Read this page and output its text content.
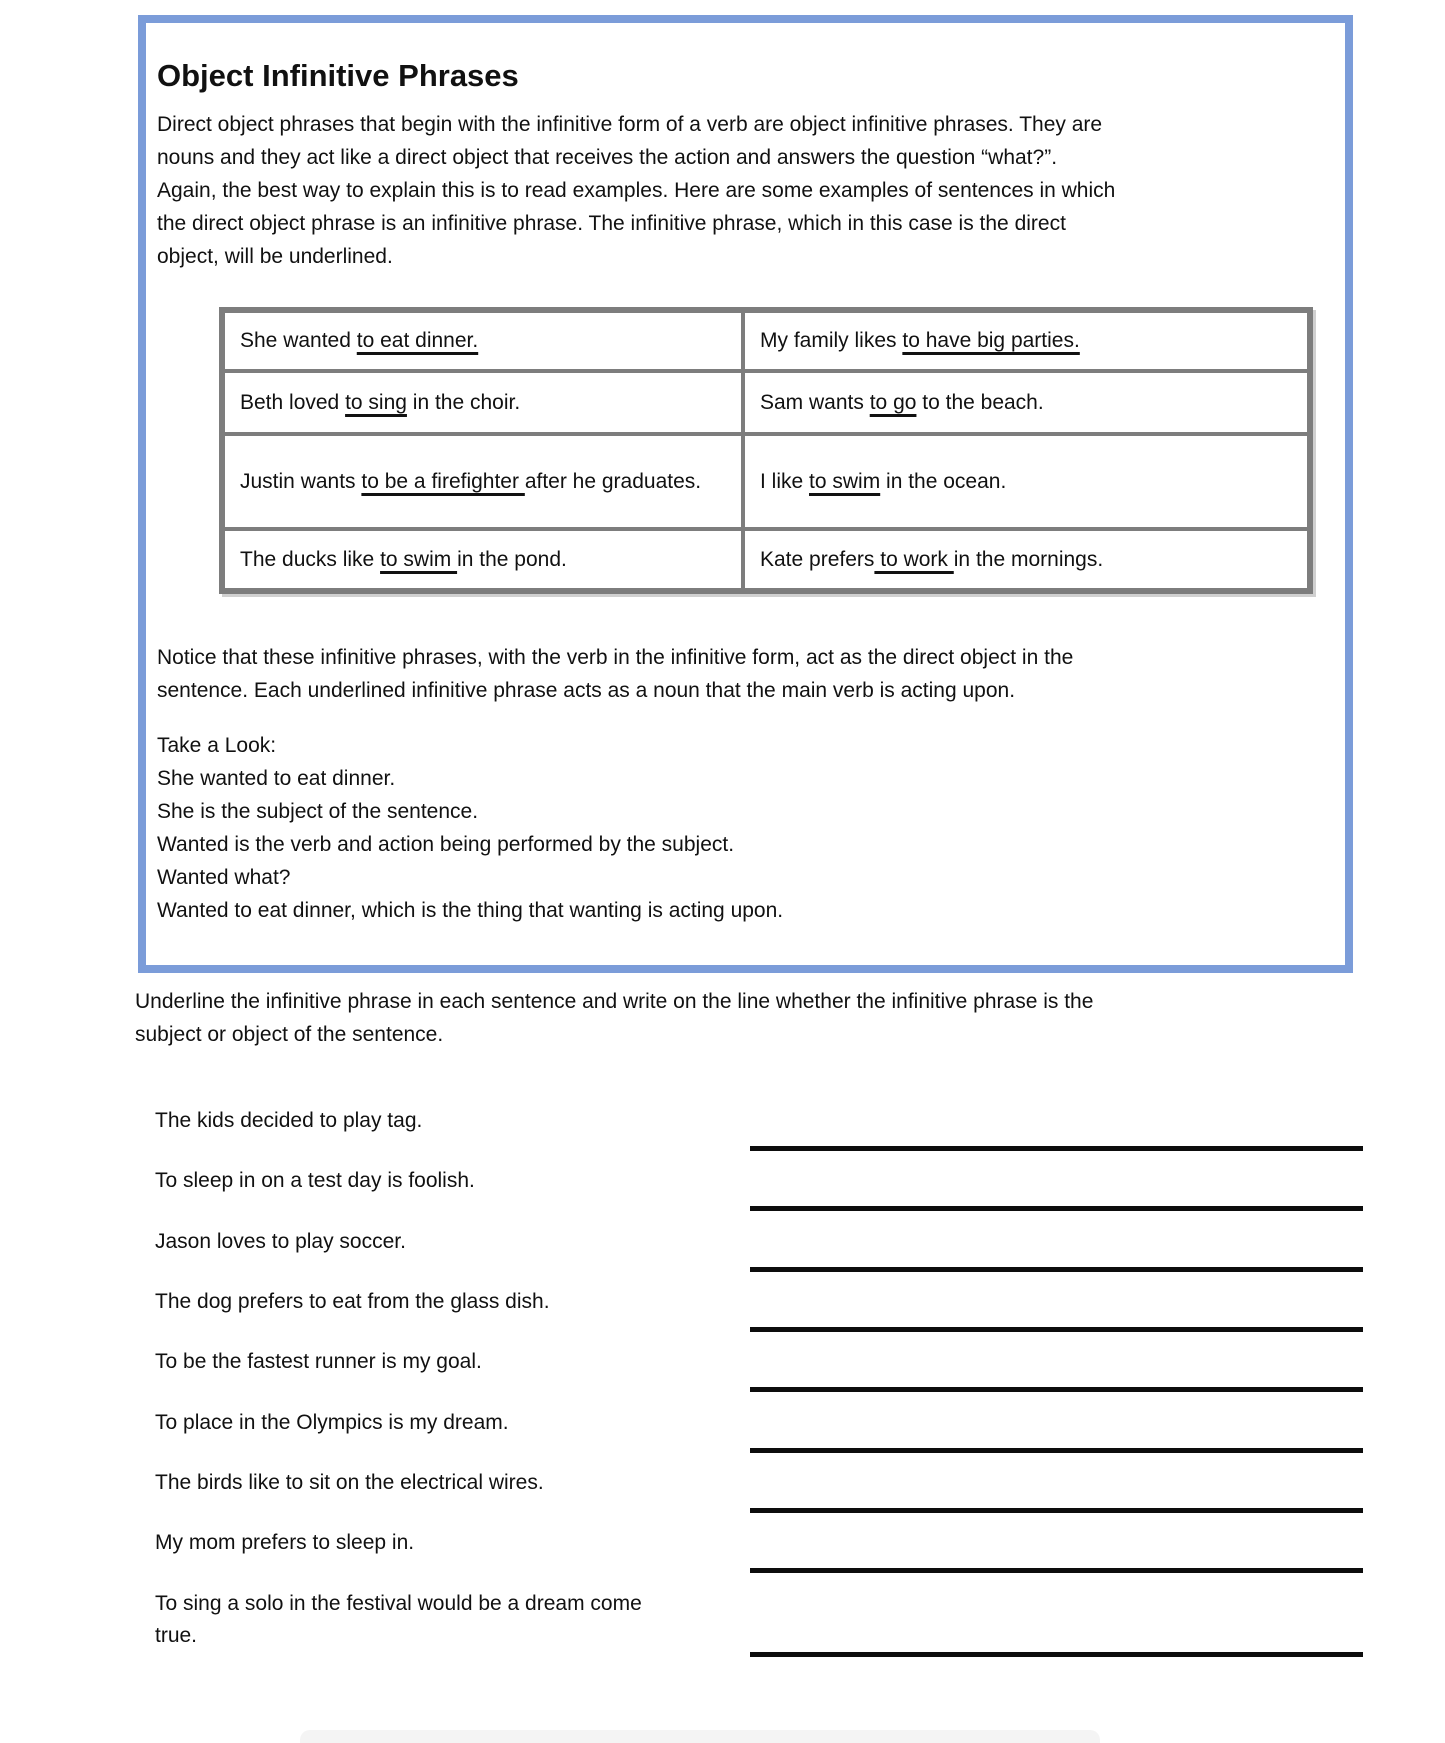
Object Infinitive Phrases
Direct object phrases that begin with the infinitive form of a verb are object infinitive phrases. They are
nouns and they act like a direct object that receives the action and answers the question “what?”.
Again, the best way to explain this is to read examples. Here are some examples of sentences in which
the direct object phrase is an infinitive phrase. The infinitive phrase, which in this case is the direct
object, will be underlined.
She wanted to eat dinner.	My family likes to have big parties.
Beth loved to sing in the choir.	Sam wants to go to the beach.
Justin wants to be a firefighter after he graduates.	I like to swim in the ocean.
The ducks like to swim in the pond.	Kate prefers to work in the mornings.
Notice that these infinitive phrases, with the verb in the infinitive form, act as the direct object in the
sentence. Each underlined infinitive phrase acts as a noun that the main verb is acting upon.
Take a Look:
She wanted to eat dinner.
She is the subject of the sentence.
Wanted is the verb and action being performed by the subject.
Wanted what?
Wanted to eat dinner, which is the thing that wanting is acting upon.
Underline the infinitive phrase in each sentence and write on the line whether the infinitive phrase is the
subject or object of the sentence.
The kids decided to play tag.
To sleep in on a test day is foolish.
Jason loves to play soccer.
The dog prefers to eat from the glass dish.
To be the fastest runner is my goal.
To place in the Olympics is my dream.
The birds like to sit on the electrical wires.
My mom prefers to sleep in.
To sing a solo in the festival would be a dream come true.
